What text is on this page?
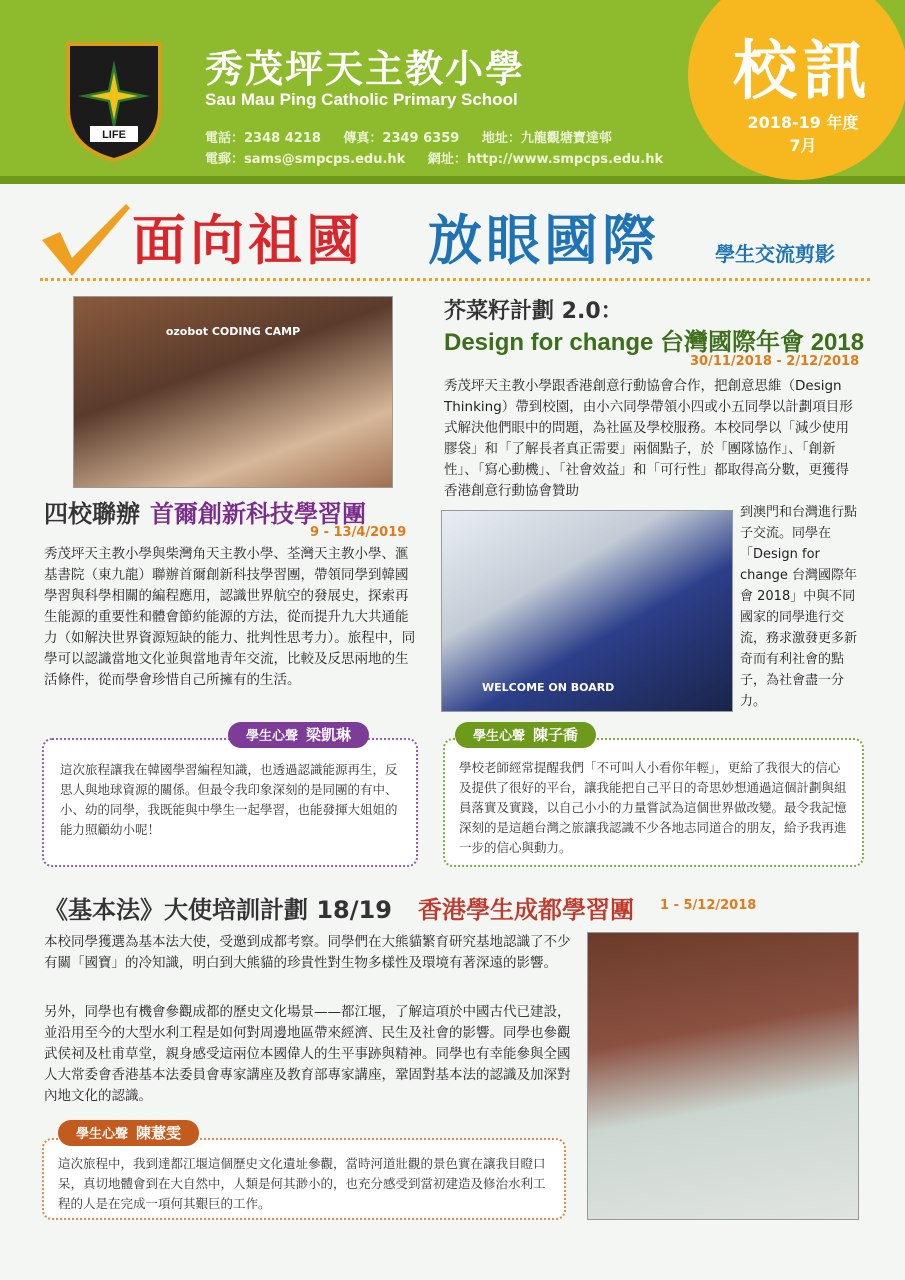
LIFE
秀茂坪天主教小學
Sau Mau Ping Catholic Primary School
電話：2348 4218 傳真：2349 6359 地址：九龍觀塘寶達邨
電郵：sams@smpcps.edu.hk 網址：http://www.smpcps.edu.hk
校訊
2018-19 年度
7月
面向祖國 放眼國際	學生交流剪影
ozobot CODING CAMP
芥菜籽計劃 2.0：
Design for change 台灣國際年會 2018
30/11/2018 - 2/12/2018

秀茂坪天主教小學跟香港創意行動協會合作，把創意思維（Design Thinking）帶到校園，由小六同學帶領小四或小五同學以計劃項目形式解決他們眼中的問題，為社區及學校服務。本校同學以「減少使用膠袋」和「了解長者真正需要」兩個點子，於「團隊協作」、「創新性」、「寫心動機」、「社會效益」和「可行性」都取得高分數，更獲得香港創意行動協會贊助

WELCOME ON BOARD

到澳門和台灣進行點子交流。同學在「Design for change 台灣國際年會 2018」中與不同國家的同學進行交流，務求激發更多新奇而有利社會的點子，為社會盡一分力。

四校聯辦 首爾創新科技學習團
9 - 13/4/2019

秀茂坪天主教小學與柴灣角天主教小學、荃灣天主教小學、滙基書院（東九龍）聯辦首爾創新科技學習團，帶領同學到韓國學習與科學相關的編程應用，認識世界航空的發展史，探索再生能源的重要性和體會節約能源的方法，從而提升九大共通能力（如解決世界資源短缺的能力、批判性思考力）。旅程中，同學可以認識當地文化並與當地青年交流，比較及反思兩地的生活條件，從而學會珍惜自己所擁有的生活。

這次旅程讓我在韓國學習編程知識，也透過認識能源再生，反思人與地球資源的關係。但最令我印象深刻的是同團的有中、小、幼的同學，我既能與中學生一起學習，也能發揮大姐姐的能力照顧幼小呢！

學生心聲 梁凱琳

學校老師經常提醒我們「不可叫人小看你年輕」，更給了我很大的信心及提供了很好的平台，讓我能把自己平日的奇思妙想通過這個計劃與組員落實及實踐，以自己小小的力量嘗試為這個世界做改變。最令我記憶深刻的是這趟台灣之旅讓我認識不少各地志同道合的朋友，給予我再進一步的信心與動力。

學生心聲 陳子喬
《基本法》大使培訓計劃 18/19 香港學生成都學習團 1 - 5/12/2018

本校同學獲選為基本法大使，受邀到成都考察。同學們在大熊貓繁育研究基地認識了不少有關「國寶」的冷知識，明白到大熊貓的珍貴性對生物多樣性及環境有著深遠的影響。

另外，同學也有機會參觀成都的歷史文化場景——都江堰，了解這項於中國古代已建設，並沿用至今的大型水利工程是如何對周邊地區帶來經濟、民生及社會的影響。同學也參觀武侯祠及杜甫草堂，親身感受這兩位本國偉人的生平事跡與精神。同學也有幸能參與全國人大常委會香港基本法委員會專家講座及教育部專家講座，鞏固對基本法的認識及加深對內地文化的認識。

這次旅程中，我到達都江堰這個歷史文化遺址參觀，當時河道壯觀的景色實在讓我目瞪口呆，真切地體會到在大自然中，人類是何其渺小的，也充分感受到當初建造及修治水利工程的人是在完成一項何其艱巨的工作。

學生心聲 陳薏雯
